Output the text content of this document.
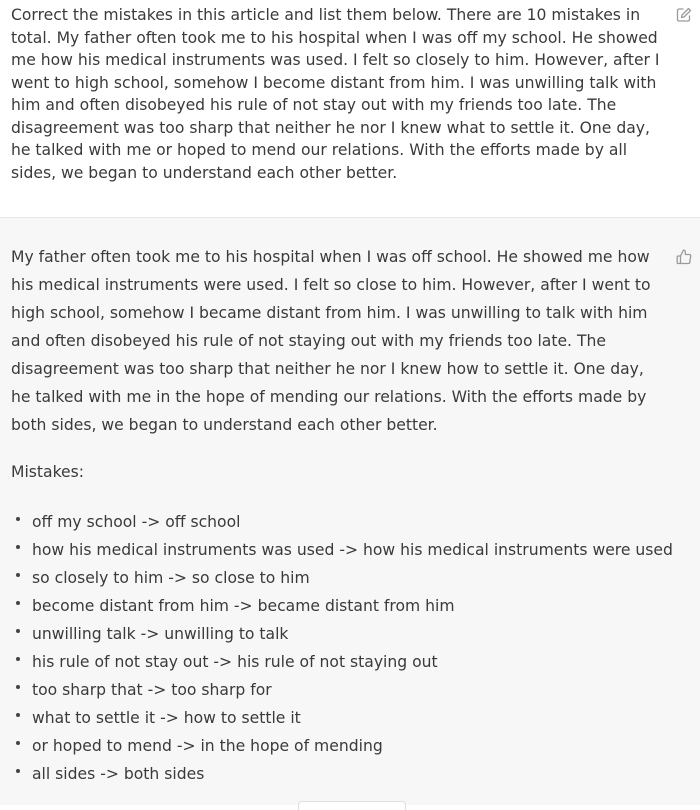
Correct the mistakes in this article and list them below. There are 10 mistakes in total. My father often took me to his hospital when I was off my school. He showed me how his medical instruments was used. I felt so closely to him. However, after I went to high school, somehow I become distant from him. I was unwilling talk with him and often disobeyed his rule of not stay out with my friends too late. The disagreement was too sharp that neither he nor I knew what to settle it. One day, he talked with me or hoped to mend our relations. With the efforts made by all sides, we began to understand each other better.

My father often took me to his hospital when I was off school. He showed me how his medical instruments were used. I felt so close to him. However, after I went to high school, somehow I became distant from him. I was unwilling to talk with him and often disobeyed his rule of not staying out with my friends too late. The disagreement was too sharp that neither he nor I knew how to settle it. One day, he talked with me in the hope of mending our relations. With the efforts made by both sides, we began to understand each other better.

Mistakes:

off my school -> off school
how his medical instruments was used -> how his medical instruments were used
so closely to him -> so close to him
become distant from him -> became distant from him
unwilling talk -> unwilling to talk
his rule of not stay out -> his rule of not staying out
too sharp that -> too sharp for
what to settle it -> how to settle it
or hoped to mend -> in the hope of mending
all sides -> both sides
